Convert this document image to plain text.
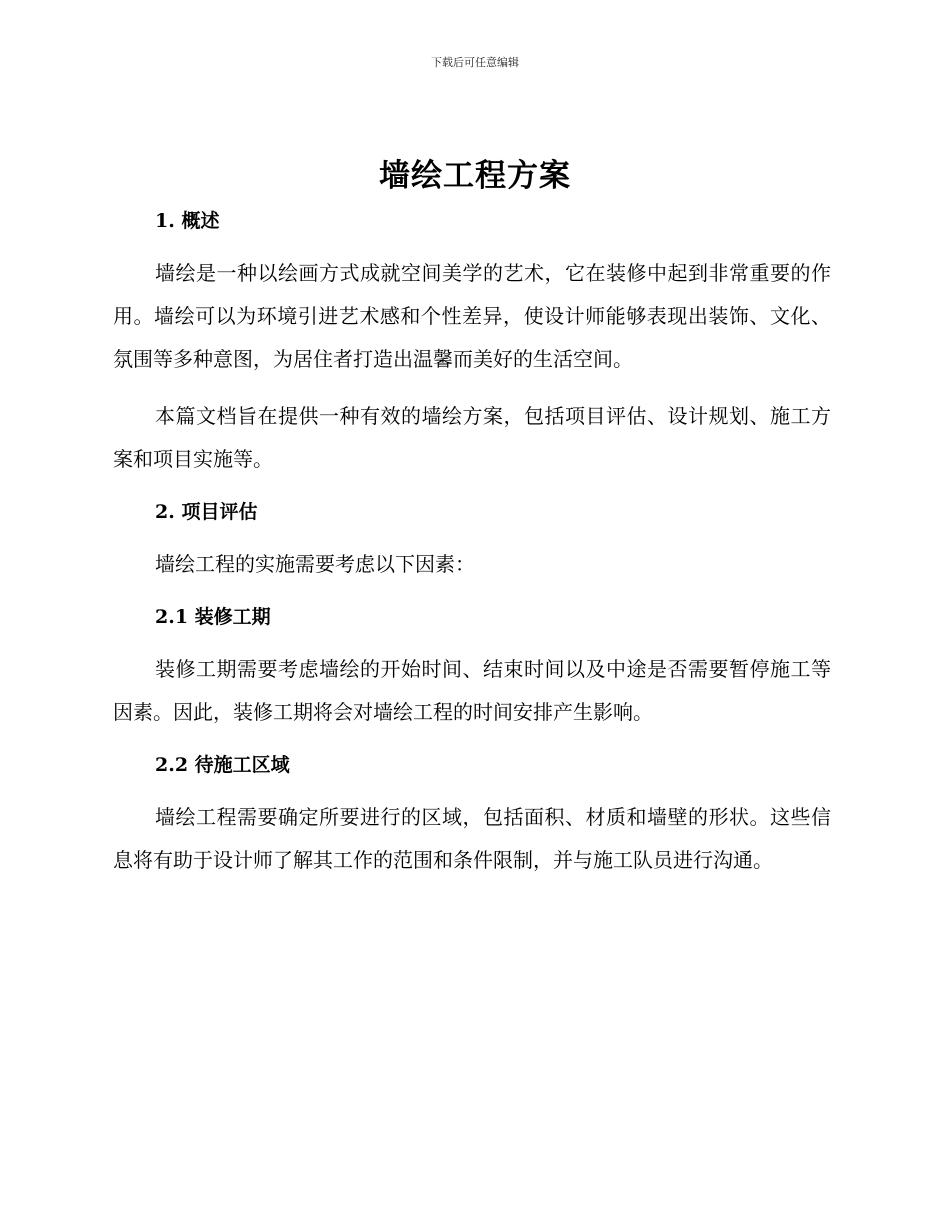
下载后可任意编辑
墙绘工程方案
1. 概述

墙绘是一种以绘画方式成就空间美学的艺术，它在装修中起到非常重要的作用。墙绘可以为环境引进艺术感和个性差异，使设计师能够表现出装饰、文化、氛围等多种意图，为居住者打造出温馨而美好的生活空间。

本篇文档旨在提供一种有效的墙绘方案，包括项目评估、设计规划、施工方案和项目实施等。

2. 项目评估

墙绘工程的实施需要考虑以下因素：

2.1 装修工期

装修工期需要考虑墙绘的开始时间、结束时间以及中途是否需要暂停施工等因素。因此，装修工期将会对墙绘工程的时间安排产生影响。

2.2 待施工区域

墙绘工程需要确定所要进行的区域，包括面积、材质和墙壁的形状。这些信息将有助于设计师了解其工作的范围和条件限制，并与施工队员进行沟通。
